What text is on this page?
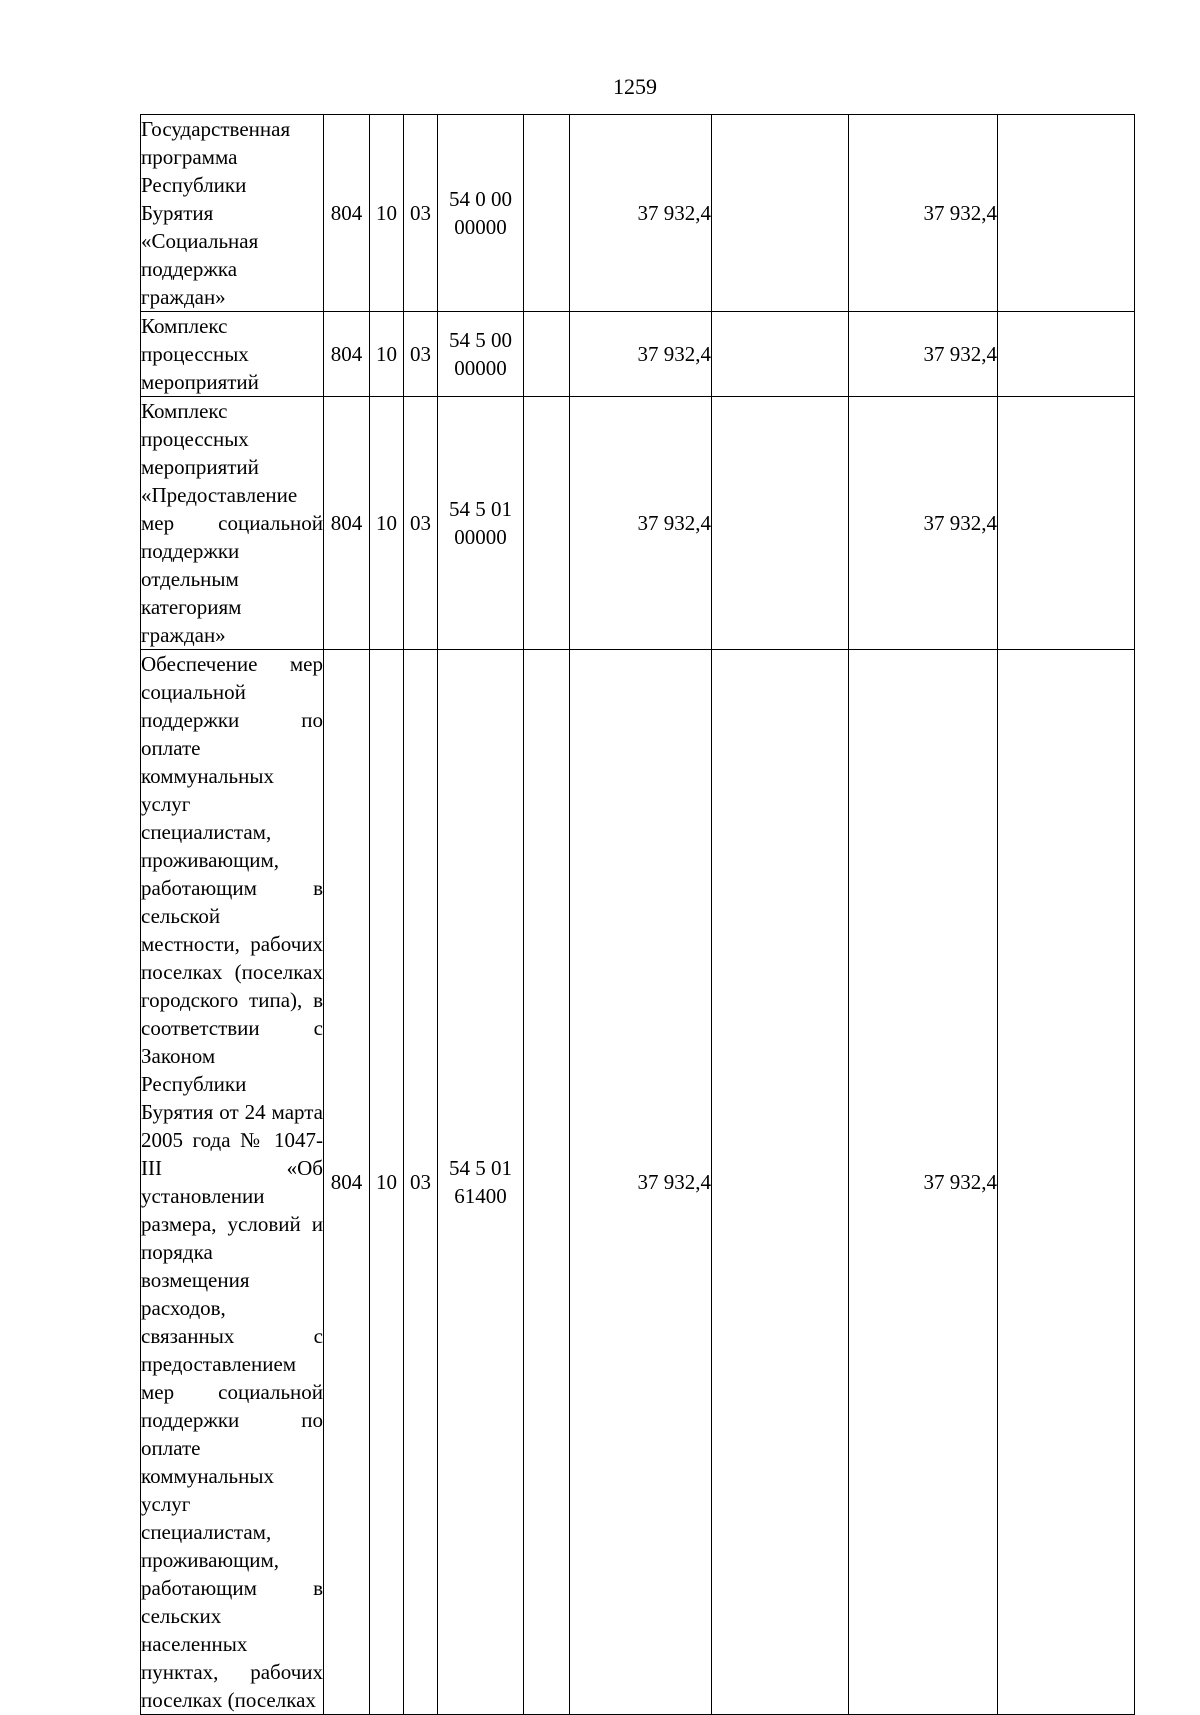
1259
Государственная программа Республики Бурятия «Социальная поддержка граждан»	804	10	03	54 0 00 00000		37 932,4		37 932,4	
Комплекс процессных мероприятий	804	10	03	54 5 00 00000		37 932,4		37 932,4	
Комплекс процессных мероприятий «Предоставление мер социальной поддержки отдельным категориям граждан»	804	10	03	54 5 01 00000		37 932,4		37 932,4	
Обеспечение мер социальной поддержки по оплате коммунальных услуг специалистам, проживающим, работающим в сельской местности, рабочих поселках (поселках городского типа), в соответствии с Законом Республики Бурятия от 24 марта 2005 года № 1047-III «Об установлении размера, условий и порядка возмещения расходов, связанных с предоставлением мер социальной поддержки по оплате коммунальных услуг специалистам, проживающим, работающим в сельских населенных пунктах, рабочих поселках (поселках	804	10	03	54 5 01 61400		37 932,4		37 932,4	
